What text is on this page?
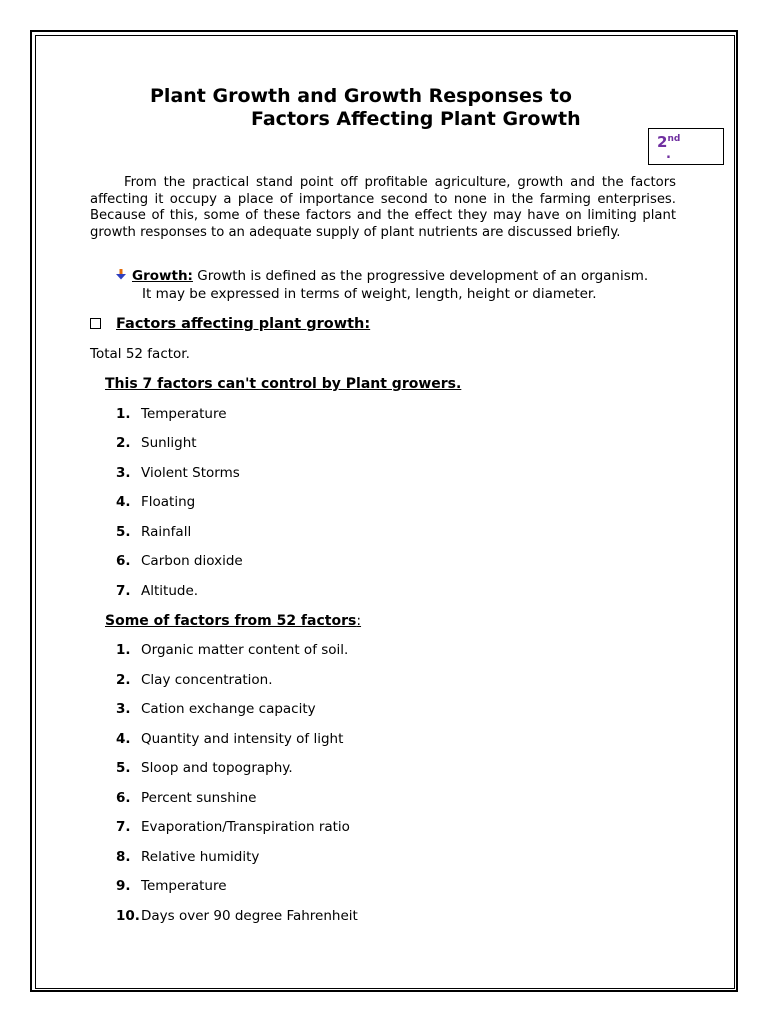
Plant Growth and Growth Responses to
Factors Affecting Plant Growth
2nd
.

From the practical stand point off profitable agriculture, growth and the factors affecting it occupy a place of importance second to none in the farming enterprises. Because of this, some of these factors and the effect they may have on limiting plant growth responses to an adequate supply of plant nutrients are discussed briefly.

Growth: Growth is defined as the progressive development of an organism.
It may be expressed in terms of weight, length, height or diameter.
Factors affecting plant growth:
Total 52 factor.
This 7 factors can't control by Plant growers.
1. Temperature
2. Sunlight
3. Violent Storms
4. Floating
5. Rainfall
6. Carbon dioxide
7. Altitude.
Some of factors from 52 factors:
1. Organic matter content of soil.
2. Clay concentration.
3. Cation exchange capacity
4. Quantity and intensity of light
5. Sloop and topography.
6. Percent sunshine
7. Evaporation/Transpiration ratio
8. Relative humidity
9. Temperature
10.Days over 90 degree Fahrenheit
